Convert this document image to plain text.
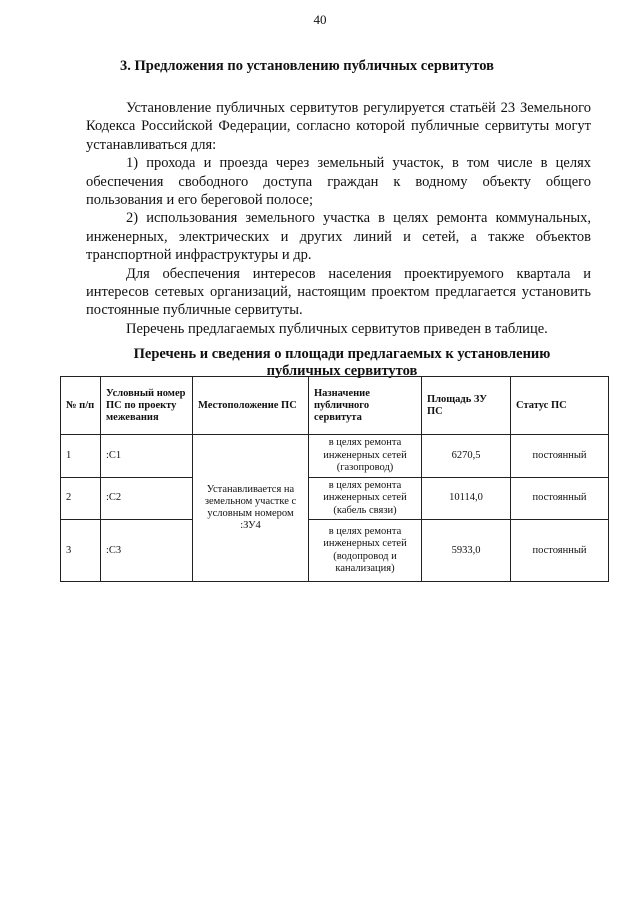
40
3. Предложения по установлению публичных сервитутов

Установление публичных сервитутов регулируется статьёй 23 Земельного Кодекса Российской Федерации, согласно которой публичные сервитуты могут устанавливаться для:

1) прохода и проезда через земельный участок, в том числе в целях обеспечения свободного доступа граждан к водному объекту общего пользования и его береговой полосе;

2) использования земельного участка в целях ремонта коммунальных, инженерных, электрических и других линий и сетей, а также объектов транспортной инфраструктуры и др.

Для обеспечения интересов населения проектируемого квартала и интересов сетевых организаций, настоящим проектом предлагается установить постоянные публичные сервитуты.

Перечень предлагаемых публичных сервитутов приведен в таблице.

Перечень и сведения о площади предлагаемых к установлению
публичных сервитутов
№ п/п	Условный номер ПС по проекту межевания	Местоположение ПС	Назначение публичного сервитута	Площадь ЗУ ПС	Статус ПС
1	:С1	Устанавливается на земельном участке с условным номером :ЗУ4	в целях ремонта инженерных сетей (газопровод)	6270,5	постоянный
2	:С2		в целях ремонта инженерных сетей (кабель связи)	10114,0	постоянный
3	:С3		в целях ремонта инженерных сетей (водопровод и канализация)	5933,0	постоянный
